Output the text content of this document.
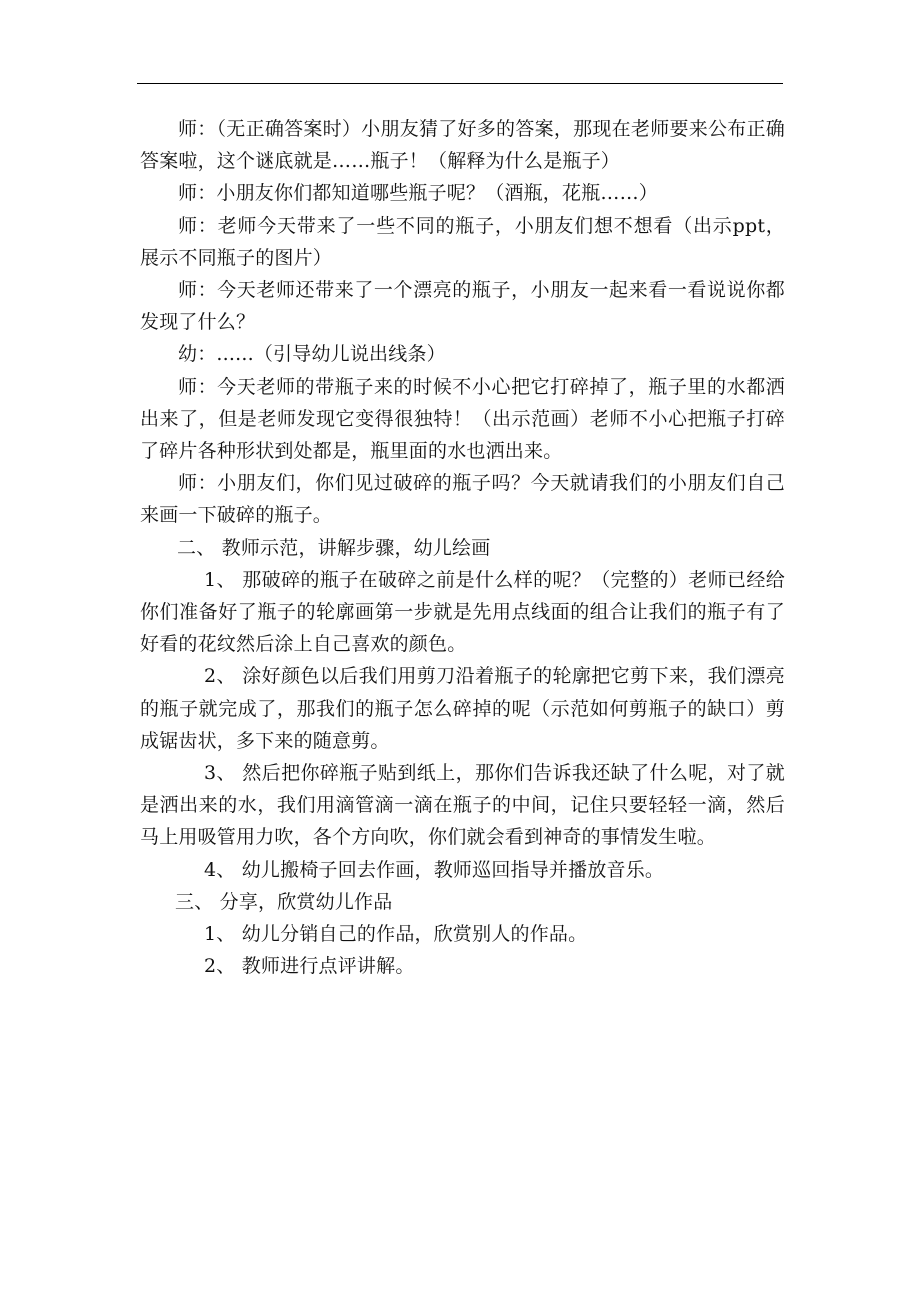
师：（无正确答案时）小朋友猜了好多的答案，那现在老师要来公布正确答案啦，这个谜底就是……瓶子！（解释为什么是瓶子）

师：小朋友你们都知道哪些瓶子呢？（酒瓶，花瓶……）

师：老师今天带来了一些不同的瓶子，小朋友们想不想看（出示ppt，展示不同瓶子的图片）

师：今天老师还带来了一个漂亮的瓶子，小朋友一起来看一看说说你都发现了什么？

幼：......（引导幼儿说出线条）

师：今天老师的带瓶子来的时候不小心把它打碎掉了，瓶子里的水都洒出来了，但是老师发现它变得很独特！（出示范画）老师不小心把瓶子打碎了碎片各种形状到处都是，瓶里面的水也洒出来。

师：小朋友们，你们见过破碎的瓶子吗？今天就请我们的小朋友们自己来画一下破碎的瓶子。

二、 教师示范，讲解步骤，幼儿绘画

1、 那破碎的瓶子在破碎之前是什么样的呢？（完整的）老师已经给你们准备好了瓶子的轮廓画第一步就是先用点线面的组合让我们的瓶子有了好看的花纹然后涂上自己喜欢的颜色。

2、 涂好颜色以后我们用剪刀沿着瓶子的轮廓把它剪下来，我们漂亮的瓶子就完成了，那我们的瓶子怎么碎掉的呢（示范如何剪瓶子的缺口）剪成锯齿状，多下来的随意剪。

3、 然后把你碎瓶子贴到纸上，那你们告诉我还缺了什么呢，对了就是洒出来的水，我们用滴管滴一滴在瓶子的中间，记住只要轻轻一滴，然后马上用吸管用力吹，各个方向吹，你们就会看到神奇的事情发生啦。

4、 幼儿搬椅子回去作画，教师巡回指导并播放音乐。

三、 分享，欣赏幼儿作品

1、 幼儿分销自己的作品，欣赏别人的作品。

2、 教师进行点评讲解。
